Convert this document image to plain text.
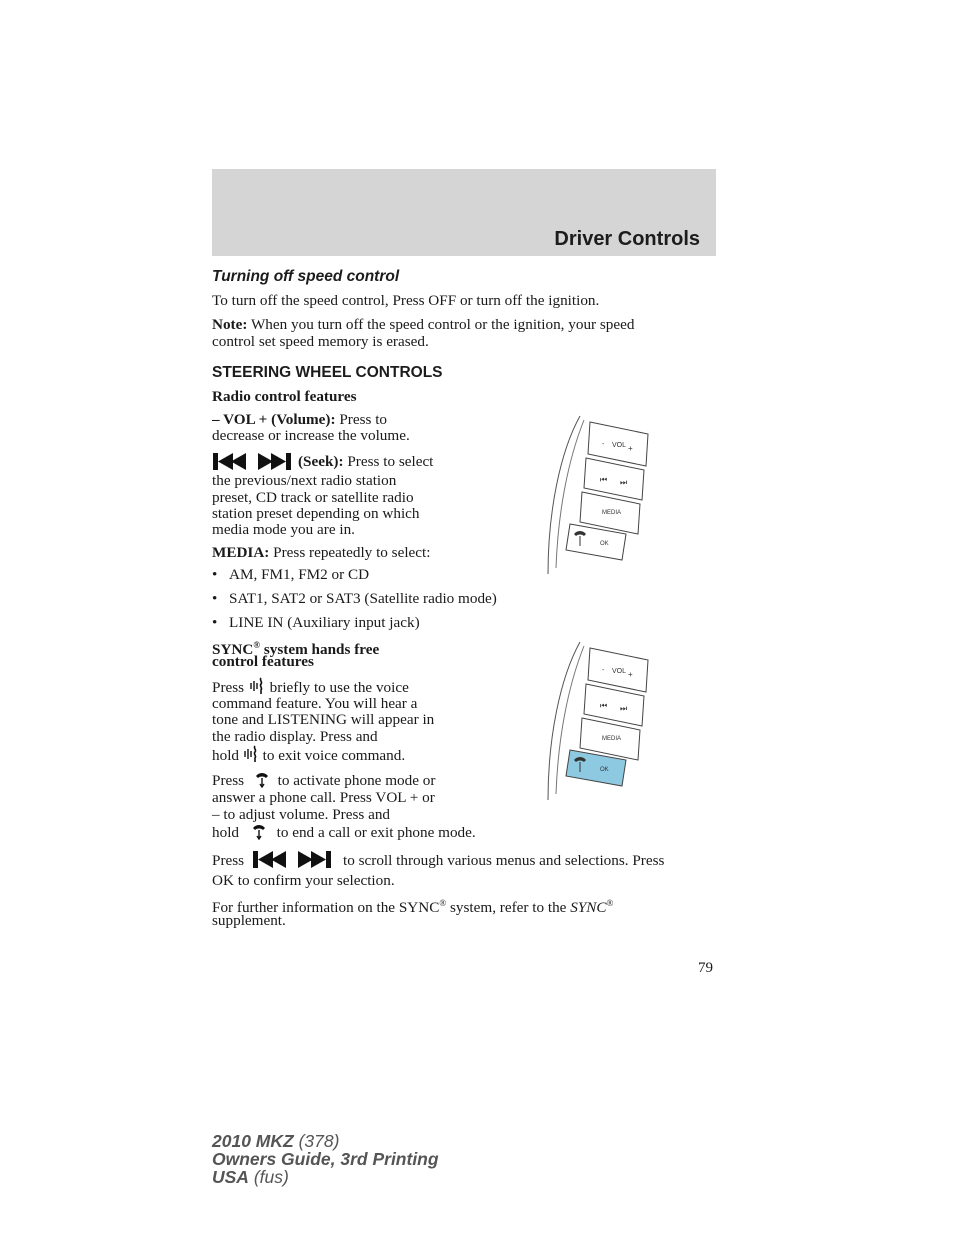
Driver Controls
Turning off speed control
To turn off the speed control, Press OFF or turn off the ignition.
Note: When you turn off the speed control or the ignition, your speed
control set speed memory is erased.
STEERING WHEEL CONTROLS
Radio control features
– VOL + (Volume): Press to
decrease or increase the volume.
(Seek): Press to select
the previous/next radio station
preset, CD track or satellite radio
station preset depending on which
media mode you are in.
MEDIA: Press repeatedly to select:
• AM, FM1, FM2 or CD
• SAT1, SAT2 or SAT3 (Satellite radio mode)
• LINE IN (Auxiliary input jack)
SYNC® system hands free
control features
Press briefly to use the voice
command feature. You will hear a
tone and LISTENING will appear in
the radio display. Press and
hold to exit voice command.
Press to activate phone mode or
answer a phone call. Press VOL + or
– to adjust volume. Press and
hold to end a call or exit phone mode.
Press	to scroll through various menus and selections. Press
OK to confirm your selection.
For further information on the SYNC® system, refer to the SYNC®
supplement.
- VOL +
⏮ ⏭
MEDIA
OK
- VOL +
⏮ ⏭
MEDIA
OK
79
2010 MKZ (378)
Owners Guide, 3rd Printing
USA (fus)
